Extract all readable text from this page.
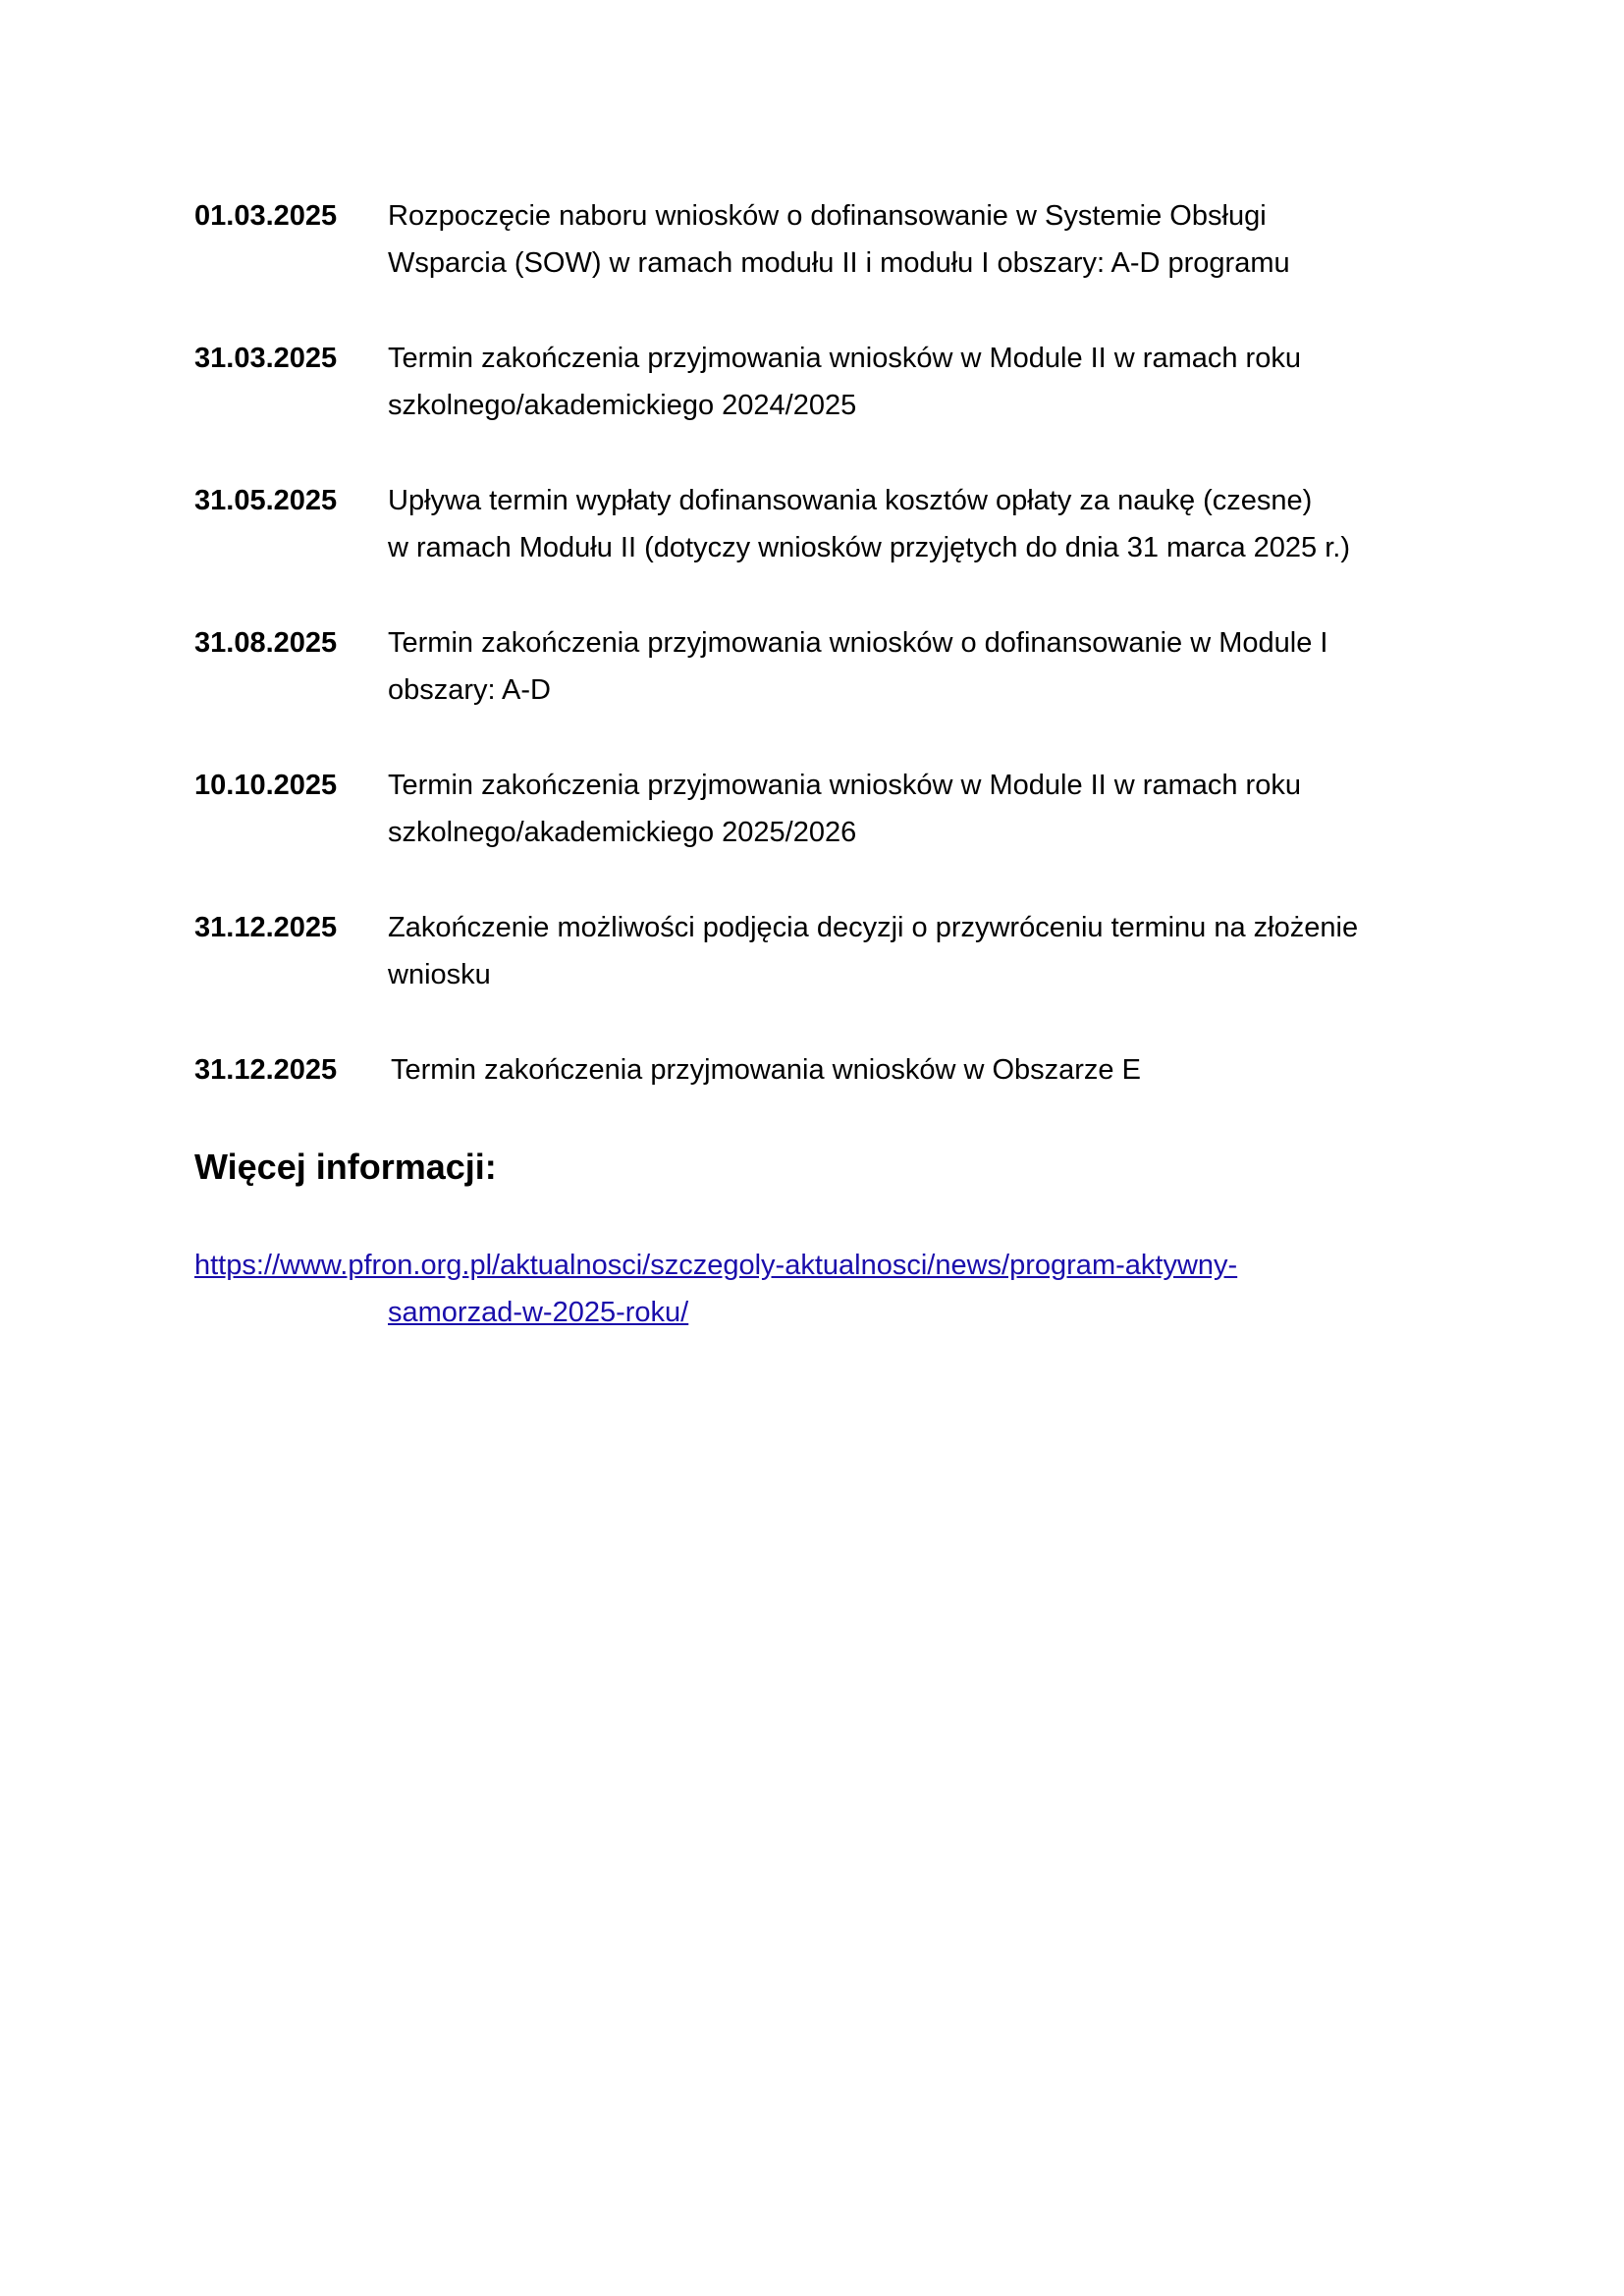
01.03.2025 Rozpoczęcie naboru wniosków o dofinansowanie w Systemie Obsługi
Wsparcia (SOW) w ramach modułu II i modułu I obszary: A-D programu
31.03.2025 Termin zakończenia przyjmowania wniosków w Module II w ramach roku
szkolnego/akademickiego 2024/2025
31.05.2025 Upływa termin wypłaty dofinansowania kosztów opłaty za naukę (czesne)
w ramach Modułu II (dotyczy wniosków przyjętych do dnia 31 marca 2025 r.)
31.08.2025 Termin zakończenia przyjmowania wniosków o dofinansowanie w Module I
obszary: A-D
10.10.2025 Termin zakończenia przyjmowania wniosków w Module II w ramach roku
szkolnego/akademickiego 2025/2026
31.12.2025 Zakończenie możliwości podjęcia decyzji o przywróceniu terminu na złożenie
wniosku
31.12.2025 Termin zakończenia przyjmowania wniosków w Obszarze E
Więcej informacji:
https://www.pfron.org.pl/aktualnosci/szczegoly-aktualnosci/news/program-aktywny-
samorzad-w-2025-roku/
